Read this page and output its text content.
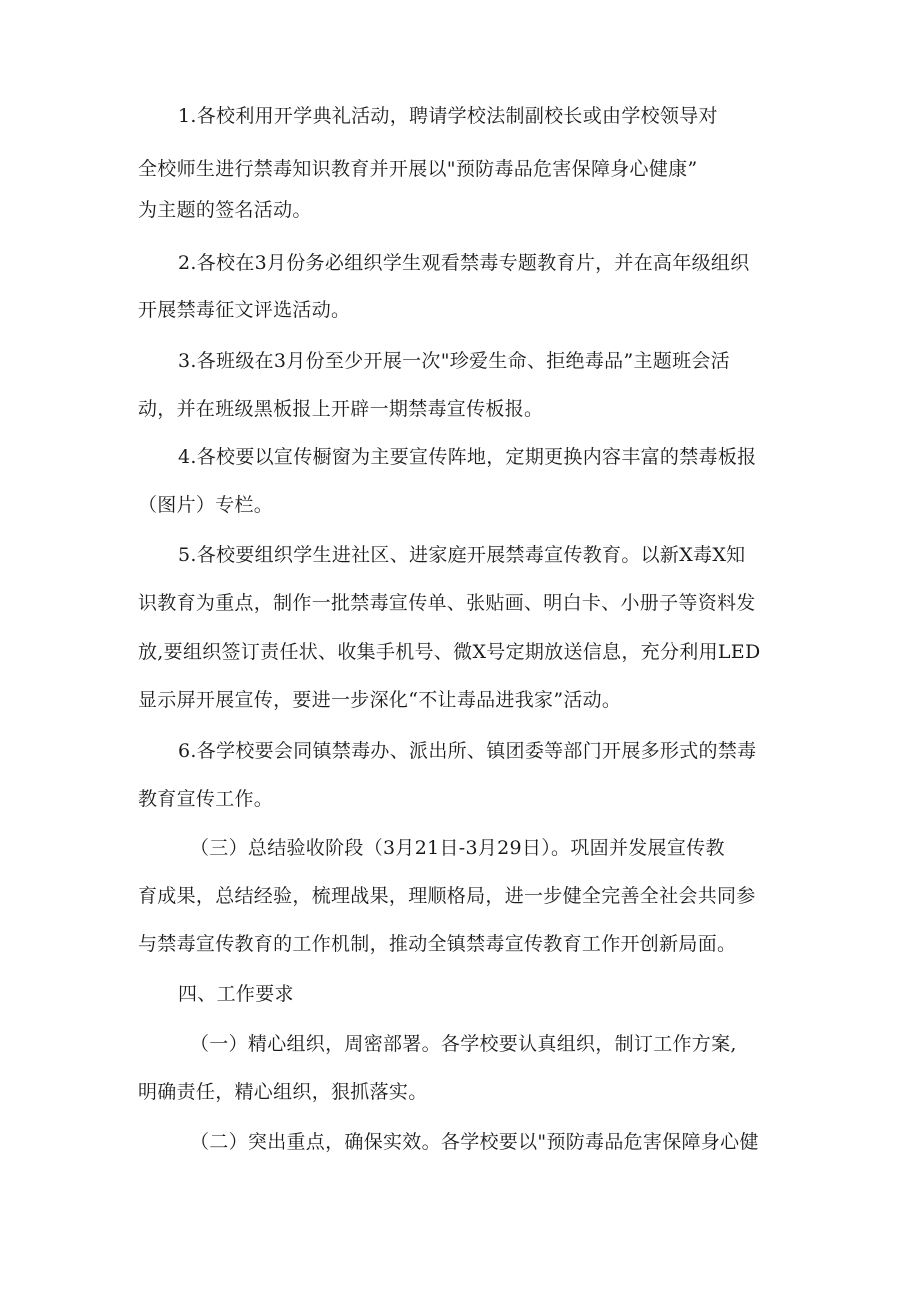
1.各校利用开学典礼活动，聘请学校法制副校长或由学校领导对
全校师生进行禁毒知识教育并开展以"预防毒品危害保障身心健康”
为主题的签名活动。
2.各校在3月份务必组织学生观看禁毒专题教育片，并在高年级组织
开展禁毒征文评选活动。
3.各班级在3月份至少开展一次"珍爱生命、拒绝毒品”主题班会活
动，并在班级黑板报上开辟一期禁毒宣传板报。
4.各校要以宣传橱窗为主要宣传阵地，定期更换内容丰富的禁毒板报
（图片）专栏。
5.各校要组织学生进社区、进家庭开展禁毒宣传教育。以新X毒X知
识教育为重点，制作一批禁毒宣传单、张贴画、明白卡、小册子等资料发
放,要组织签订责任状、收集手机号、微X号定期放送信息，充分利用LED
显示屏开展宣传，要进一步深化“不让毒品进我家”活动。
6.各学校要会同镇禁毒办、派出所、镇团委等部门开展多形式的禁毒
教育宣传工作。
（三）总结验收阶段（3月21日-3月29日）。巩固并发展宣传教
育成果，总结经验，梳理战果，理顺格局，进一步健全完善全社会共同参
与禁毒宣传教育的工作机制，推动全镇禁毒宣传教育工作开创新局面。
四、工作要求
（一）精心组织，周密部署。各学校要认真组织，制订工作方案,
明确责任，精心组织，狠抓落实。
（二）突出重点，确保实效。各学校要以"预防毒品危害保障身心健
